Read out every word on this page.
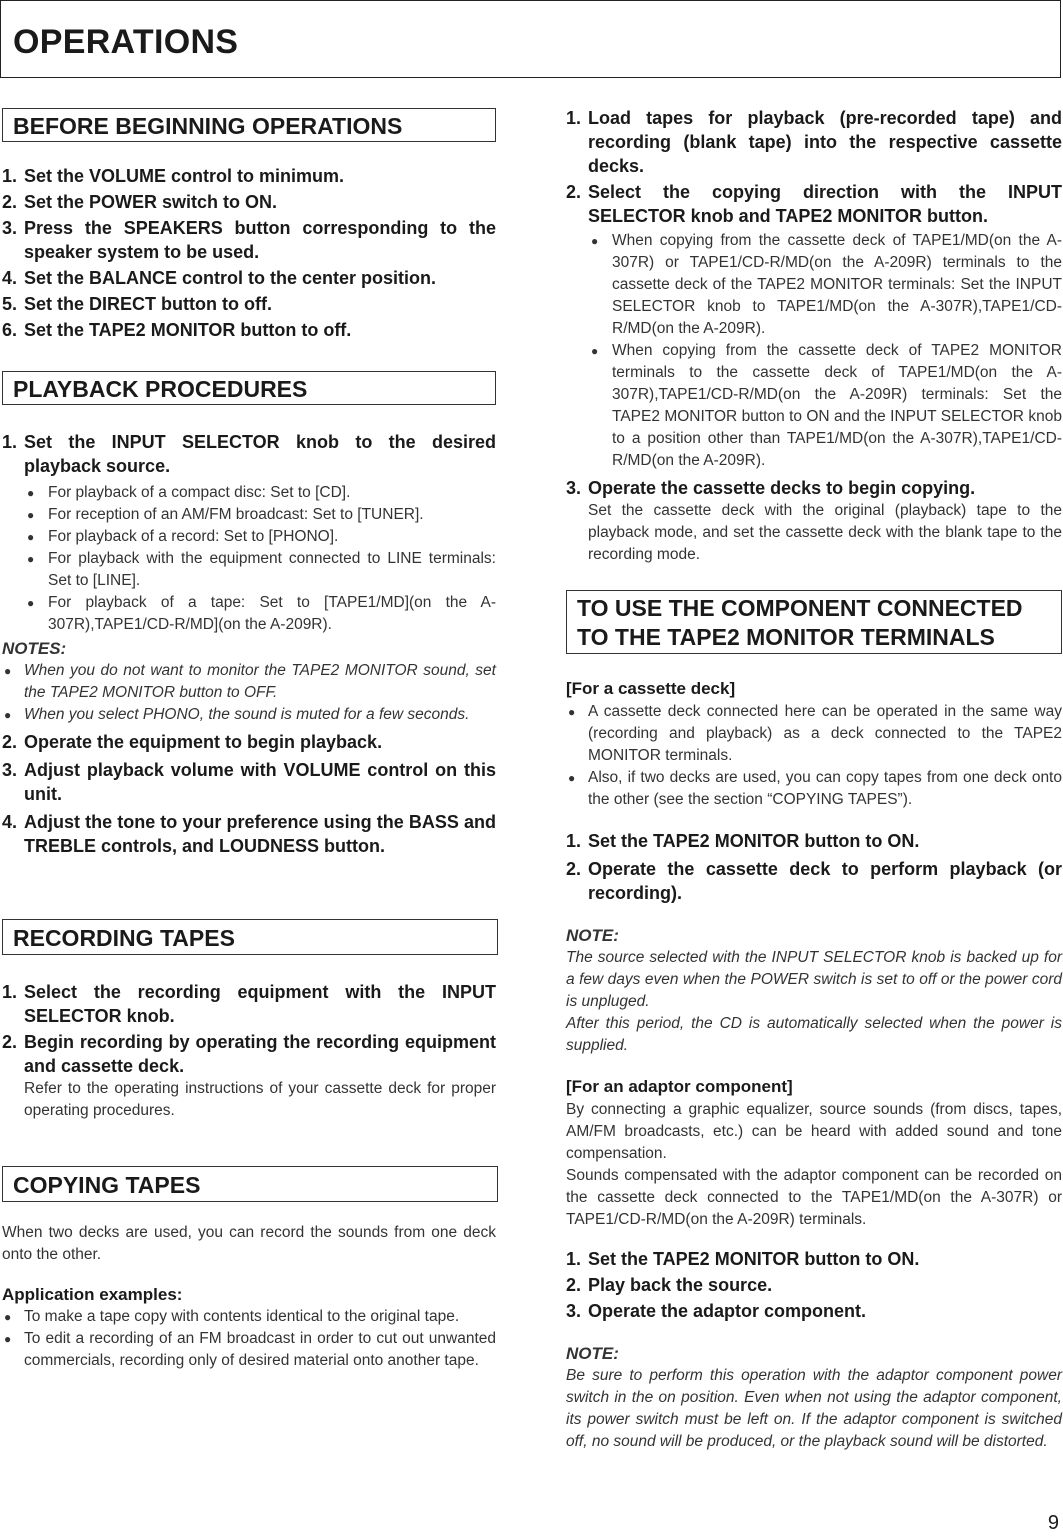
OPERATIONS
BEFORE BEGINNING OPERATIONS
1. Set the VOLUME control to minimum.
2. Set the POWER switch to ON.
3. Press the SPEAKERS button corresponding to the speaker system to be used.
4. Set the BALANCE control to the center position.
5. Set the DIRECT button to off.
6. Set the TAPE2 MONITOR button to off.
PLAYBACK PROCEDURES
1. Set the INPUT SELECTOR knob to the desired playback source.
● For playback of a compact disc: Set to [CD].
● For reception of an AM/FM broadcast: Set to [TUNER].
● For playback of a record: Set to [PHONO].
● For playback with the equipment connected to LINE terminals: Set to [LINE].
● For playback of a tape: Set to [TAPE1/MD](on the A-307R),TAPE1/CD-R/MD](on the A-209R).
NOTES:
● When you do not want to monitor the TAPE2 MONITOR sound, set the TAPE2 MONITOR button to OFF.
● When you select PHONO, the sound is muted for a few seconds.
2. Operate the equipment to begin playback.
3. Adjust playback volume with VOLUME control on this unit.
4. Adjust the tone to your preference using the BASS and TREBLE controls, and LOUDNESS button.
RECORDING TAPES
1. Select the recording equipment with the INPUT SELECTOR knob.
2. Begin recording by operating the recording equipment and cassette deck.
Refer to the operating instructions of your cassette deck for proper operating procedures.
COPYING TAPES
When two decks are used, you can record the sounds from one deck onto the other.
Application examples:
● To make a tape copy with contents identical to the original tape.
● To edit a recording of an FM broadcast in order to cut out unwanted commercials, recording only of desired material onto another tape.
1. Load tapes for playback (pre-recorded tape) and recording (blank tape) into the respective cassette decks.
2. Select the copying direction with the INPUT SELECTOR knob and TAPE2 MONITOR button.
● When copying from the cassette deck of TAPE1/MD(on the A-307R) or TAPE1/CD-R/MD(on the A-209R) terminals to the cassette deck of the TAPE2 MONITOR terminals: Set the INPUT SELECTOR knob to TAPE1/MD(on the A-307R),TAPE1/CD-R/MD(on the A-209R).
● When copying from the cassette deck of TAPE2 MONITOR terminals to the cassette deck of TAPE1/MD(on the A-307R),TAPE1/CD-R/MD(on the A-209R) terminals: Set the TAPE2 MONITOR button to ON and the INPUT SELECTOR knob to a position other than TAPE1/MD(on the A-307R),TAPE1/CD-R/MD(on the A-209R).
3. Operate the cassette decks to begin copying.
Set the cassette deck with the original (playback) tape to the playback mode, and set the cassette deck with the blank tape to the recording mode.
TO USE THE COMPONENT CONNECTED
TO THE TAPE2 MONITOR TERMINALS
[For a cassette deck]
● A cassette deck connected here can be operated in the same way (recording and playback) as a deck connected to the TAPE2 MONITOR terminals.
● Also, if two decks are used, you can copy tapes from one deck onto the other (see the section “COPYING TAPES”).
1. Set the TAPE2 MONITOR button to ON.
2. Operate the cassette deck to perform playback (or recording).
NOTE:
The source selected with the INPUT SELECTOR knob is backed up for a few days even when the POWER switch is set to off or the power cord is unpluged.
After this period, the CD is automatically selected when the power is supplied.
[For an adaptor component]
By connecting a graphic equalizer, source sounds (from discs, tapes, AM/FM broadcasts, etc.) can be heard with added sound and tone compensation.
Sounds compensated with the adaptor component can be recorded on the cassette deck connected to the TAPE1/MD(on the A-307R) or TAPE1/CD-R/MD(on the A-209R) terminals.
1. Set the TAPE2 MONITOR button to ON.
2. Play back the source.
3. Operate the adaptor component.
NOTE:
Be sure to perform this operation with the adaptor component power switch in the on position. Even when not using the adaptor component, its power switch must be left on. If the adaptor component is switched off, no sound will be produced, or the playback sound will be distorted.
9
